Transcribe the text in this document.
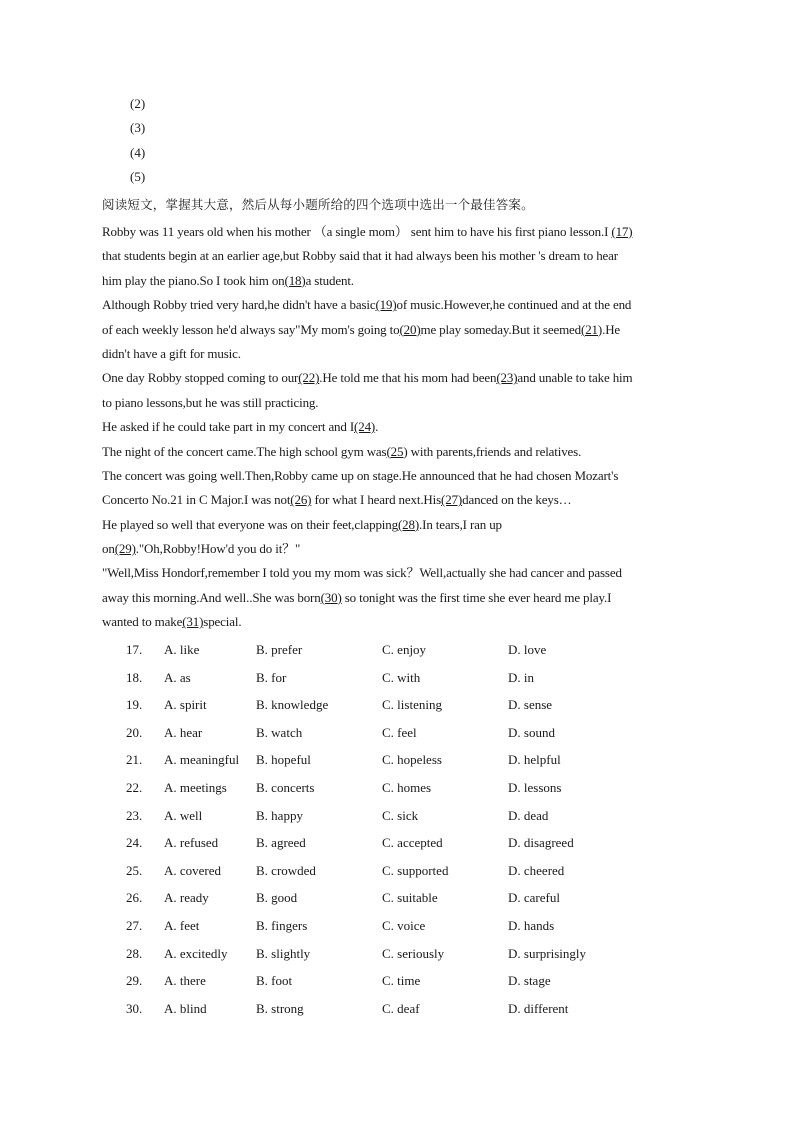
(2)
(3)
(4)
(5)
阅读短文，掌握其大意，然后从每小题所给的四个选项中选出一个最佳答案。
Robby was 11 years old when his mother （a single mom） sent him to have his first piano lesson.I (17)
that students begin at an earlier age,but Robby said that it had always been his mother 's dream to hear
him play the piano.So I took him on(18)a student.
Although Robby tried very hard,he didn't have a basic(19)of music.However,he continued and at the end
of each weekly lesson he'd always say"My mom's going to(20)me play someday.But it seemed(21).He
didn't have a gift for music.
One day Robby stopped coming to our(22).He told me that his mom had been(23)and unable to take him
to piano lessons,but he was still practicing.
He asked if he could take part in my concert and I(24).
The night of the concert came.The high school gym was(25) with parents,friends and relatives.
The concert was going well.Then,Robby came up on stage.He announced that he had chosen Mozart's
Concerto No.21 in C Major.I was not(26) for what I heard next.His(27)danced on the keys…
He played so well that everyone was on their feet,clapping(28).In tears,I ran up
on(29)."Oh,Robby!How'd you do it？"
"Well,Miss Hondorf,remember I told you my mom was sick？Well,actually she had cancer and passed
away this morning.And well..She was born(30) so tonight was the first time she ever heard me play.I
wanted to make(31)special.
17. A. like	B. prefer	C. enjoy	D. love
18. A. as	B. for	C. with	D. in
19. A. spirit	B. knowledge	C. listening	D. sense
20. A. hear	B. watch	C. feel	D. sound
21. A. meaningful B. hopeful	C. hopeless	D. helpful
22. A. meetings B. concerts	C. homes	D. lessons
23. A. well	B. happy	C. sick	D. dead
24. A. refused	B. agreed	C. accepted	D. disagreed
25. A. covered	B. crowded	C. supported	D. cheered
26. A. ready	B. good	C. suitable	D. careful
27. A. feet	B. fingers	C. voice	D. hands
28. A. excitedly B. slightly	C. seriously	D. surprisingly
29. A. there	B. foot	C. time	D. stage
30. A. blind	B. strong	C. deaf	D. different
